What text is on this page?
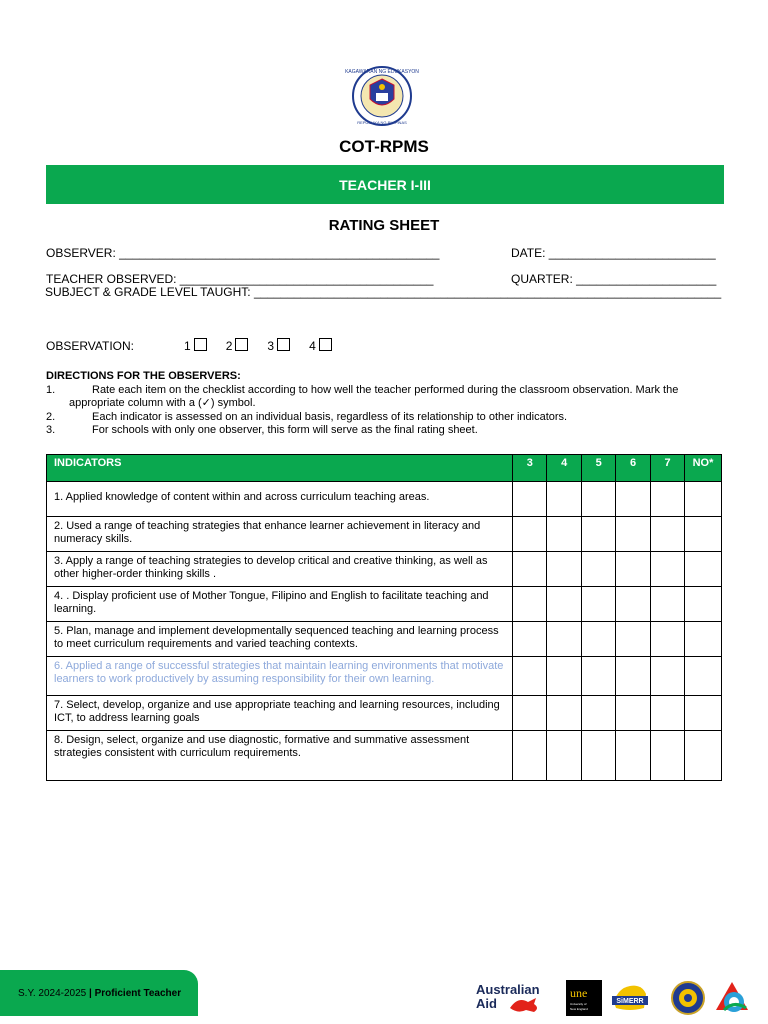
KAGAWARAN NG EDUKASYON
REPUBLIKA NG PILIPINAS
COT-RPMS
TEACHER I-III
RATING SHEET
OBSERVER: ________________________________________________	DATE: _________________________
TEACHER OBSERVED: ______________________________________	QUARTER: _____________________
SUBJECT & GRADE LEVEL TAUGHT: ______________________________________________________________________
OBSERVATION:	1	2	3	4
DIRECTIONS FOR THE OBSERVERS:
1.	Rate each item on the checklist according to how well the teacher performed during the classroom observation. Mark the appropriate column with a (✓) symbol.
2.	Each indicator is assessed on an individual basis, regardless of its relationship to other indicators.
3.	For schools with only one observer, this form will serve as the final rating sheet.
INDICATORS	3	4	5	6	7	NO*
1. Applied knowledge of content within and across curriculum teaching areas.						
2. Used a range of teaching strategies that enhance learner achievement in literacy and numeracy skills.						
3. Apply a range of teaching strategies to develop critical and creative thinking, as well as other higher-order thinking skills .						
4. . Display proficient use of Mother Tongue, Filipino and English to facilitate teaching and learning.						
5. Plan, manage and implement developmentally sequenced teaching and learning process to meet curriculum requirements and varied teaching contexts.						
6. Applied a range of successful strategies that maintain learning environments that motivate learners to work productively by assuming responsibility for their own learning.						
7. Select, develop, organize and use appropriate teaching and learning resources, including ICT, to address learning goals						
8. Design, select, organize and use diagnostic, formative and summative assessment strategies consistent with curriculum requirements.						
S.Y. 2024-2025 | Proficient Teacher	Australian
Aid
une
University of
New England
SiMERR
